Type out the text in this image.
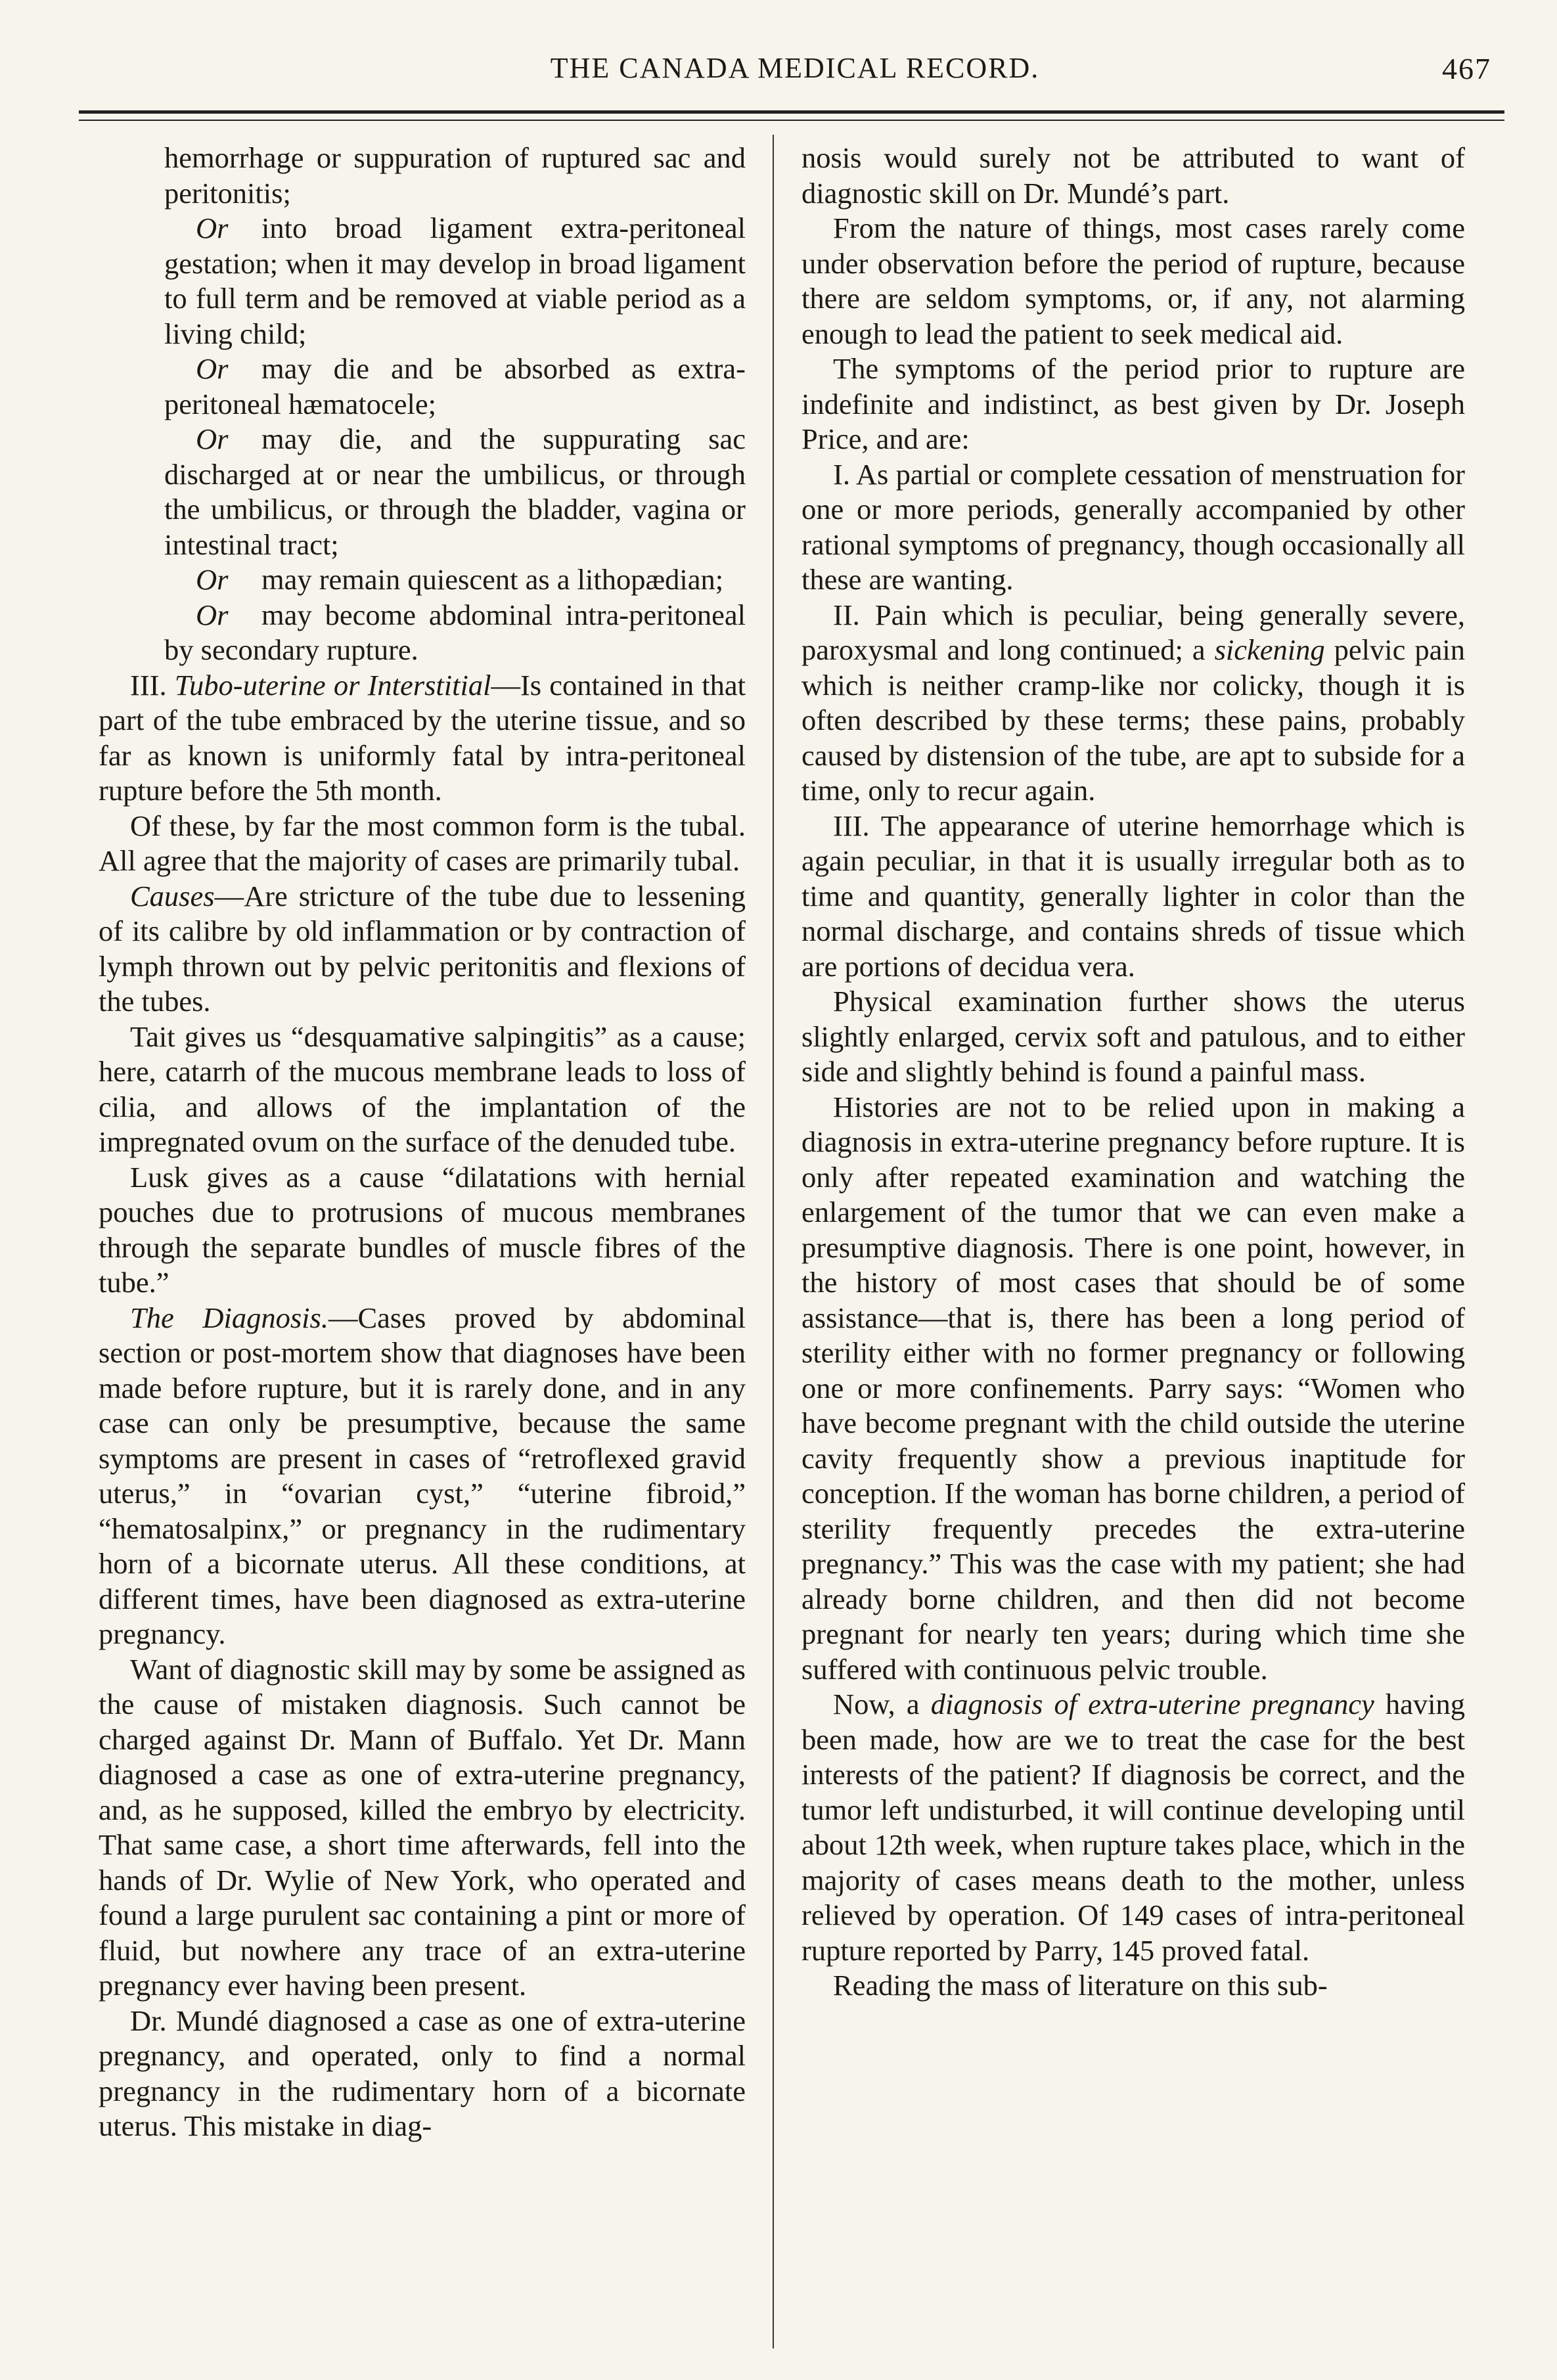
THE CANADA MEDICAL RECORD.	467

hemorrhage or suppuration of ruptured sac and peritonitis;

Or into broad ligament extra-peritoneal gestation; when it may develop in broad ligament to full term and be removed at viable period as a living child;

Or may die and be absorbed as extra-peritoneal hæmatocele;

Or may die, and the suppurating sac discharged at or near the umbilicus, or through the umbilicus, or through the bladder, vagina or intestinal tract;

Or may remain quiescent as a lithopædian;

Or may become abdominal intra-peritoneal by secondary rupture.

III. Tubo-uterine or Interstitial—Is contained in that part of the tube embraced by the uterine tissue, and so far as known is uniformly fatal by intra-peritoneal rupture before the 5th month.

Of these, by far the most common form is the tubal. All agree that the majority of cases are primarily tubal.

Causes—Are stricture of the tube due to lessening of its calibre by old inflammation or by contraction of lymph thrown out by pelvic peritonitis and flexions of the tubes.

Tait gives us “desquamative salpingitis” as a cause; here, catarrh of the mucous membrane leads to loss of cilia, and allows of the implantation of the impregnated ovum on the surface of the denuded tube.

Lusk gives as a cause “dilatations with hernial pouches due to protrusions of mucous membranes through the separate bundles of muscle fibres of the tube.”

The Diagnosis.—Cases proved by abdominal section or post-mortem show that diagnoses have been made before rupture, but it is rarely done, and in any case can only be presumptive, because the same symptoms are present in cases of “retroflexed gravid uterus,” in “ovarian cyst,” “uterine fibroid,” “hematosalpinx,” or pregnancy in the rudimentary horn of a bicornate uterus. All these conditions, at different times, have been diagnosed as extra-uterine pregnancy.

Want of diagnostic skill may by some be assigned as the cause of mistaken diagnosis. Such cannot be charged against Dr. Mann of Buffalo. Yet Dr. Mann diagnosed a case as one of extra-uterine pregnancy, and, as he supposed, killed the embryo by electricity. That same case, a short time afterwards, fell into the hands of Dr. Wylie of New York, who operated and found a large purulent sac containing a pint or more of fluid, but nowhere any trace of an extra-uterine pregnancy ever having been present.

Dr. Mundé diagnosed a case as one of extra-uterine pregnancy, and operated, only to find a normal pregnancy in the rudimentary horn of a bicornate uterus. This mistake in diag-

nosis would surely not be attributed to want of diagnostic skill on Dr. Mundé’s part.

From the nature of things, most cases rarely come under observation before the period of rupture, because there are seldom symptoms, or, if any, not alarming enough to lead the patient to seek medical aid.

The symptoms of the period prior to rupture are indefinite and indistinct, as best given by Dr. Joseph Price, and are:

I. As partial or complete cessation of menstruation for one or more periods, generally accompanied by other rational symptoms of pregnancy, though occasionally all these are wanting.

II. Pain which is peculiar, being generally severe, paroxysmal and long continued; a sickening pelvic pain which is neither cramp-like nor colicky, though it is often described by these terms; these pains, probably caused by distension of the tube, are apt to subside for a time, only to recur again.

III. The appearance of uterine hemorrhage which is again peculiar, in that it is usually irregular both as to time and quantity, generally lighter in color than the normal discharge, and contains shreds of tissue which are portions of decidua vera.

Physical examination further shows the uterus slightly enlarged, cervix soft and patulous, and to either side and slightly behind is found a painful mass.

Histories are not to be relied upon in making a diagnosis in extra-uterine pregnancy before rupture. It is only after repeated examination and watching the enlargement of the tumor that we can even make a presumptive diagnosis. There is one point, however, in the history of most cases that should be of some assistance—that is, there has been a long period of sterility either with no former pregnancy or following one or more confinements. Parry says: “Women who have become pregnant with the child outside the uterine cavity frequently show a previous inaptitude for conception. If the woman has borne children, a period of sterility frequently precedes the extra-uterine pregnancy.” This was the case with my patient; she had already borne children, and then did not become pregnant for nearly ten years; during which time she suffered with continuous pelvic trouble.

Now, a diagnosis of extra-uterine pregnancy having been made, how are we to treat the case for the best interests of the patient? If diagnosis be correct, and the tumor left undisturbed, it will continue developing until about 12th week, when rupture takes place, which in the majority of cases means death to the mother, unless relieved by operation. Of 149 cases of intra-peritoneal rupture reported by Parry, 145 proved fatal.

Reading the mass of literature on this sub-
